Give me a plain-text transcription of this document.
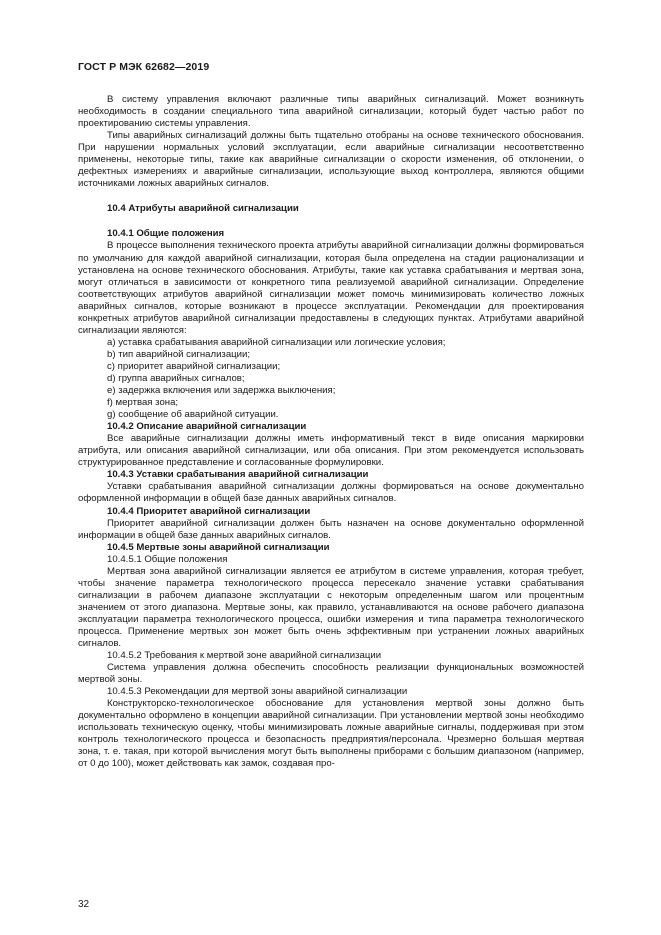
ГОСТ Р МЭК 62682—2019

В систему управления включают различные типы аварийных сигнализаций. Может возникнуть необходимость в создании специального типа аварийной сигнализации, который будет частью работ по проектированию системы управления.

Типы аварийных сигнализаций должны быть тщательно отобраны на основе технического обоснования. При нарушении нормальных условий эксплуатации, если аварийные сигнализации несоответственно применены, некоторые типы, такие как аварийные сигнализации о скорости изменения, об отклонении, о дефектных измерениях и аварийные сигнализации, использующие выход контроллера, являются общими источниками ложных аварийных сигналов.

10.4 Атрибуты аварийной сигнализации

10.4.1 Общие положения

В процессе выполнения технического проекта атрибуты аварийной сигнализации должны формироваться по умолчанию для каждой аварийной сигнализации, которая была определена на стадии рационализации и установлена на основе технического обоснования. Атрибуты, такие как уставка срабатывания и мертвая зона, могут отличаться в зависимости от конкретного типа реализуемой аварийной сигнализации. Определение соответствующих атрибутов аварийной сигнализации может помочь минимизировать количество ложных аварийных сигналов, которые возникают в процессе эксплуатации. Рекомендации для проектирования конкретных атрибутов аварийной сигнализации предоставлены в следующих пунктах. Атрибутами аварийной сигнализации являются:

a) уставка срабатывания аварийной сигнализации или логические условия;

b) тип аварийной сигнализации;

c) приоритет аварийной сигнализации;

d) группа аварийных сигналов;

e) задержка включения или задержка выключения;

f) мертвая зона;

g) сообщение об аварийной ситуации.

10.4.2 Описание аварийной сигнализации

Все аварийные сигнализации должны иметь информативный текст в виде описания маркировки атрибута, или описания аварийной сигнализации, или оба описания. При этом рекомендуется использовать структурированное представление и согласованные формулировки.

10.4.3 Уставки срабатывания аварийной сигнализации

Уставки срабатывания аварийной сигнализации должны формироваться на основе документально оформленной информации в общей базе данных аварийных сигналов.

10.4.4 Приоритет аварийной сигнализации

Приоритет аварийной сигнализации должен быть назначен на основе документально оформленной информации в общей базе данных аварийных сигналов.

10.4.5 Мертвые зоны аварийной сигнализации

10.4.5.1 Общие положения

Мертвая зона аварийной сигнализации является ее атрибутом в системе управления, которая требует, чтобы значение параметра технологического процесса пересекало значение уставки срабатывания сигнализации в рабочем диапазоне эксплуатации с некоторым определенным шагом или процентным значением от этого диапазона. Мертвые зоны, как правило, устанавливаются на основе рабочего диапазона эксплуатации параметра технологического процесса, ошибки измерения и типа параметра технологического процесса. Применение мертвых зон может быть очень эффективным при устранении ложных аварийных сигналов.

10.4.5.2 Требования к мертвой зоне аварийной сигнализации

Система управления должна обеспечить способность реализации функциональных возможностей мертвой зоны.

10.4.5.3 Рекомендации для мертвой зоны аварийной сигнализации

Конструкторско-технологическое обоснование для установления мертвой зоны должно быть документально оформлено в концепции аварийной сигнализации. При установлении мертвой зоны необходимо использовать техническую оценку, чтобы минимизировать ложные аварийные сигналы, поддерживая при этом контроль технологического процесса и безопасность предприятия/персонала. Чрезмерно большая мертвая зона, т. е. такая, при которой вычисления могут быть выполнены приборами с большим диапазоном (например, от 0 до 100), может действовать как замок, создавая про-

32
